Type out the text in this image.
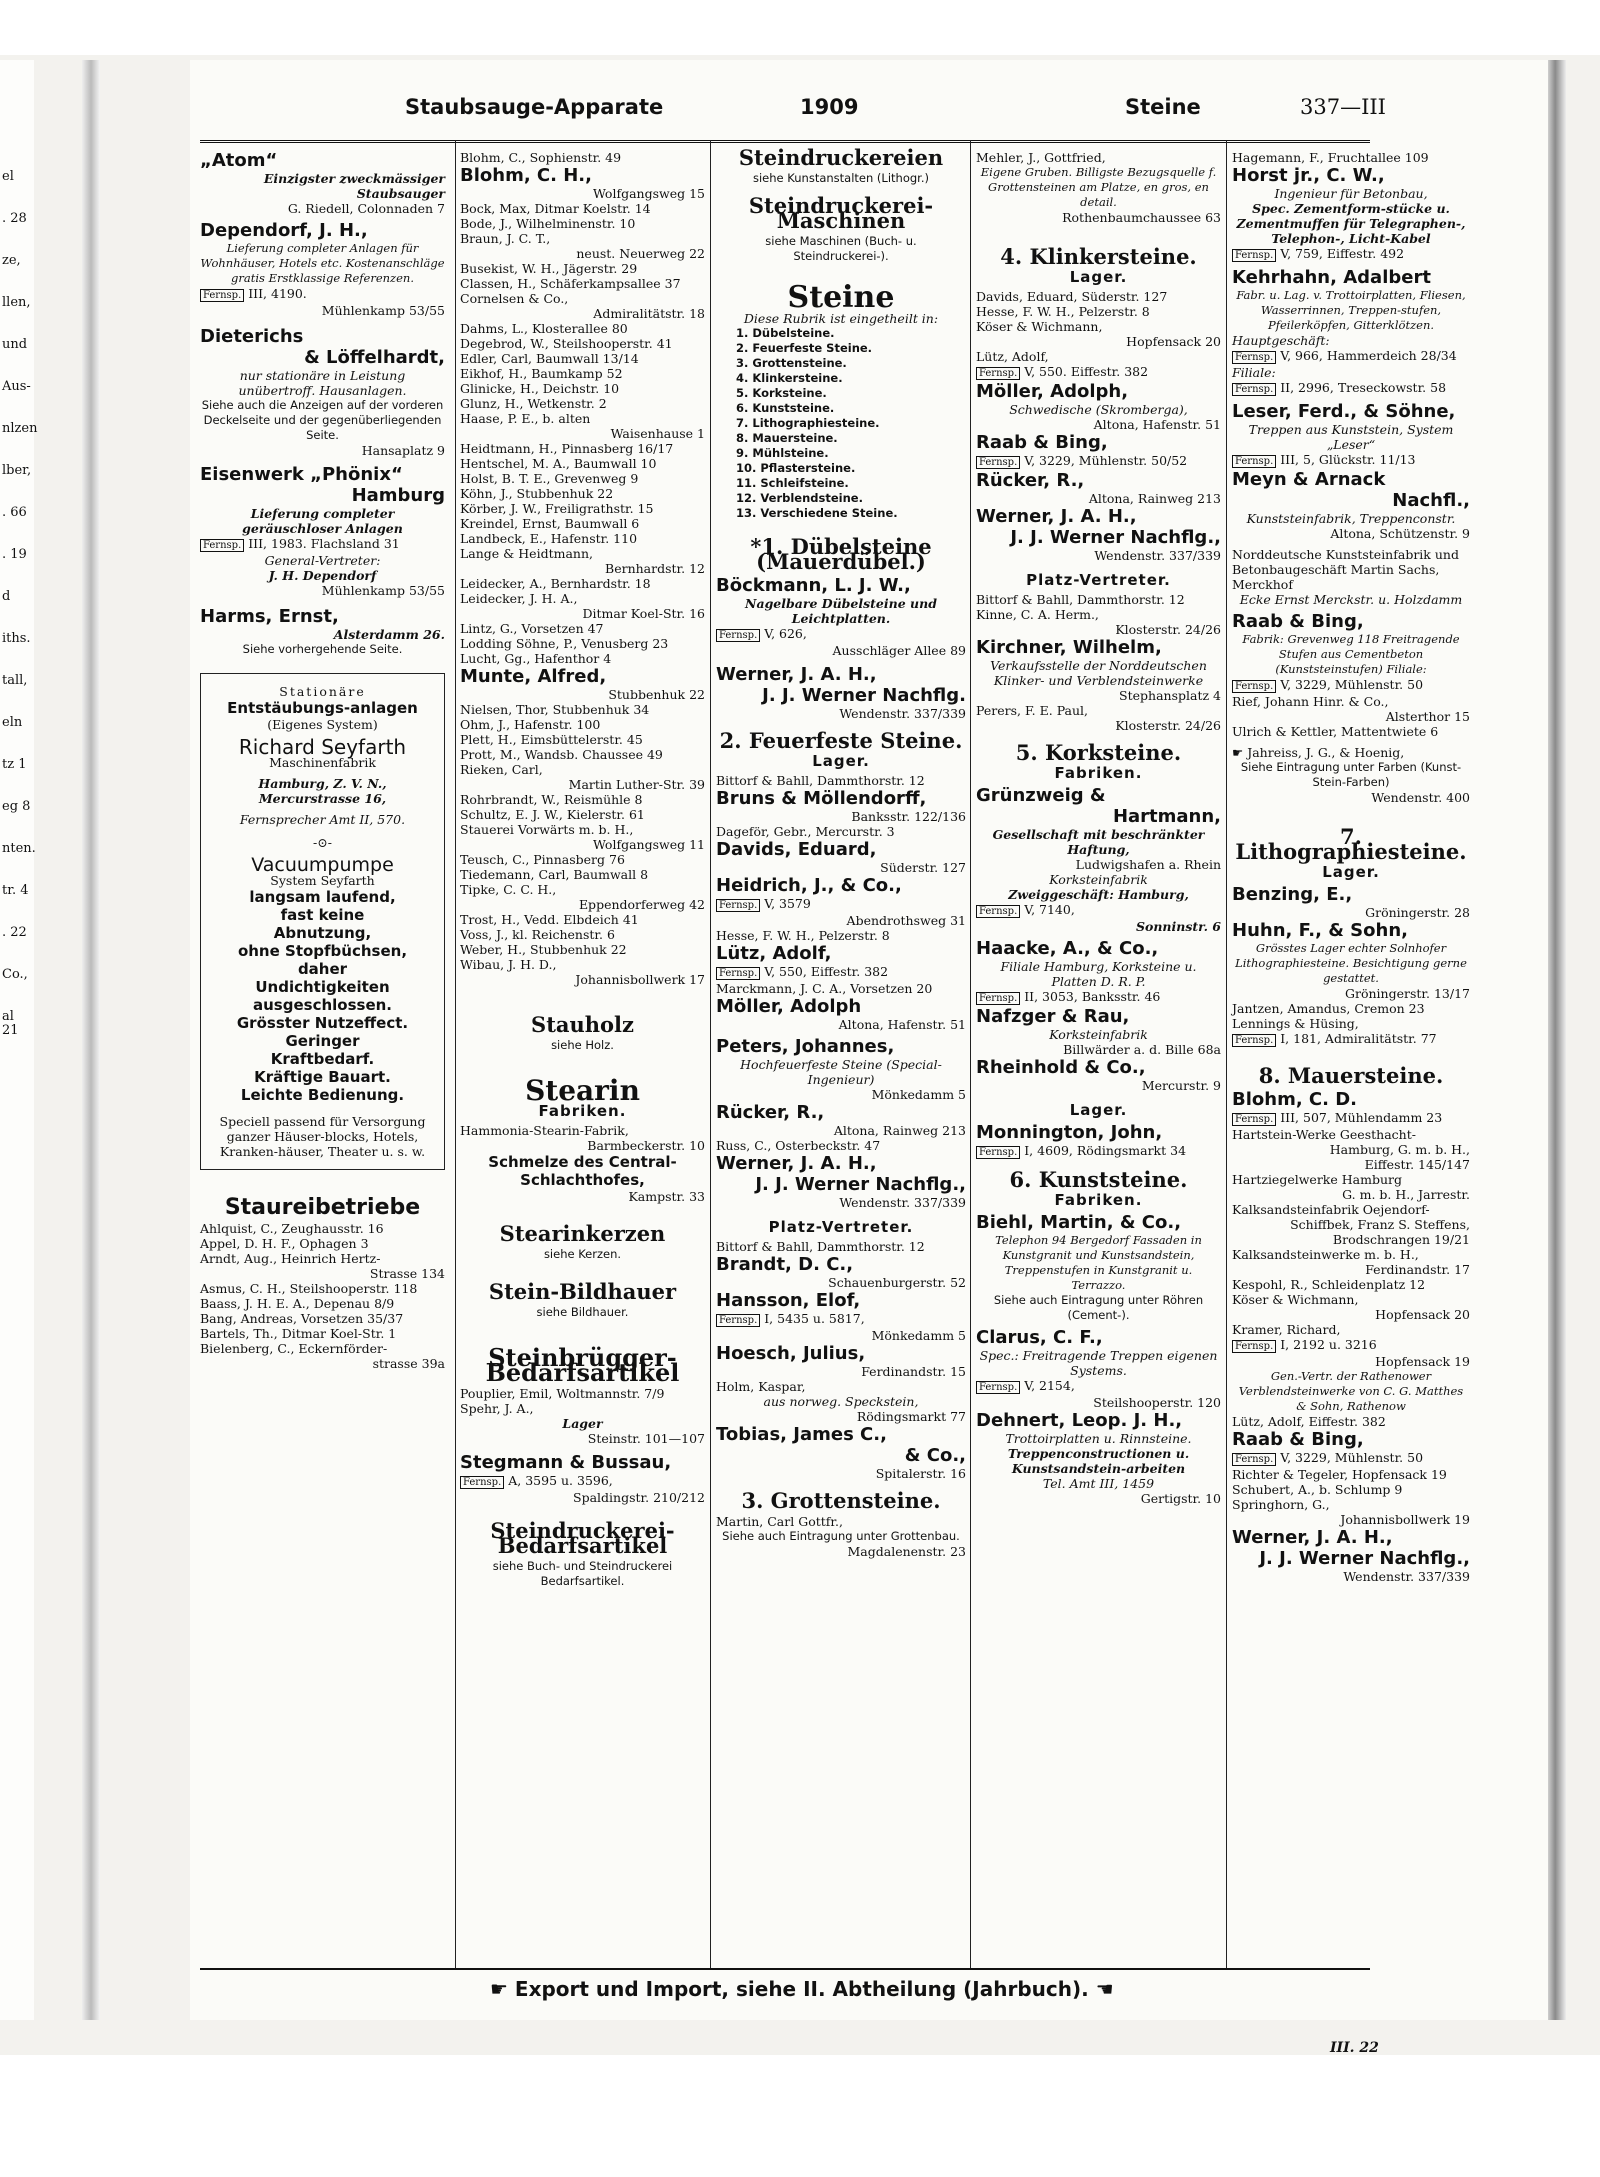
el
. 28
ze,
llen,
und
Aus-
nlzen
lber,
. 66
. 19
d
iths.
tall,
eln
tz 1
eg 8
nten.
tr. 4
. 22
Co.,
al 21
Staubsauge-Apparate	1909	Steine	337—III
„Atom“
Einzigster zweckmässiger Staubsauger
G. Riedell, Colonnaden 7
Dependorf, J. H.,
Lieferung completer Anlagen für Wohnhäuser, Hotels etc. Kostenanschläge gratis Erstklassige Referenzen.
Fernsp. III, 4190.
Mühlenkamp 53/55
Dieterichs
& Löffelhardt,
nur stationäre in Leistung unübertroff. Hausanlagen.
Siehe auch die Anzeigen auf der vorderen Deckelseite und der gegenüberliegenden Seite.
Hansaplatz 9
Eisenwerk „Phönix“
Hamburg
Lieferung completer geräuschloser Anlagen
Fernsp. III, 1983. Flachsland 31
General-Vertreter:
J. H. Dependorf
Mühlenkamp 53/55
Harms, Ernst,
Alsterdamm 26.
Siehe vorhergehende Seite.
Stationäre
Entstäubungs-anlagen
(Eigenes System)
Richard Seyfarth
Maschinenfabrik
Hamburg, Z. V. N.,
Mercurstrasse 16,
Fernsprecher Amt II, 570.
-⊙-
Vacuumpumpe
System Seyfarth
langsam laufend,
fast keine
Abnutzung,
ohne Stopfbüchsen,
daher
Undichtigkeiten
ausgeschlossen.
Grösster Nutzeffect.
Geringer
Kraftbedarf.
Kräftige Bauart.
Leichte Bedienung.
Speciell passend für Versorgung ganzer Häuser-blocks, Hotels, Kranken-häuser, Theater u. s. w.
Staureibetriebe
Ahlquist, C., Zeughausstr. 16
Appel, D. H. F., Ophagen 3
Arndt, Aug., Heinrich Hertz-
Strasse 134
Asmus, C. H., Steilshooperstr. 118
Baass, J. H. E. A., Depenau 8/9
Bang, Andreas, Vorsetzen 35/37
Bartels, Th., Ditmar Koel-Str. 1
Bielenberg, C., Eckernförder-
strasse 39a
Blohm, C., Sophienstr. 49
Blohm, C. H.,
Wolfgangsweg 15
Bock, Max, Ditmar Koelstr. 14
Bode, J., Wilhelminenstr. 10
Braun, J. C. T.,
neust. Neuerweg 22
Busekist, W. H., Jägerstr. 29
Classen, H., Schäferkampsallee 37
Cornelsen & Co.,
Admiralitätstr. 18
Dahms, L., Klosterallee 80
Degebrod, W., Steilshooperstr. 41
Edler, Carl, Baumwall 13/14
Eikhof, H., Baumkamp 52
Glinicke, H., Deichstr. 10
Glunz, H., Wetkenstr. 2
Haase, P. E., b. alten
Waisenhause 1
Heidtmann, H., Pinnasberg 16/17
Hentschel, M. A., Baumwall 10
Holst, B. T. E., Grevenweg 9
Köhn, J., Stubbenhuk 22
Körber, J. W., Freiligrathstr. 15
Kreindel, Ernst, Baumwall 6
Landbeck, E., Hafenstr. 110
Lange & Heidtmann,
Bernhardstr. 12
Leidecker, A., Bernhardstr. 18
Leidecker, J. H. A.,
Ditmar Koel-Str. 16
Lintz, G., Vorsetzen 47
Lodding Söhne, P., Venusberg 23
Lucht, Gg., Hafenthor 4
Munte, Alfred,
Stubbenhuk 22
Nielsen, Thor, Stubbenhuk 34
Ohm, J., Hafenstr. 100
Plett, H., Eimsbüttelerstr. 45
Prott, M., Wandsb. Chaussee 49
Rieken, Carl,
Martin Luther-Str. 39
Rohrbrandt, W., Reismühle 8
Schultz, E. J. W., Kielerstr. 61
Stauerei Vorwärts m. b. H.,
Wolfgangsweg 11
Teusch, C., Pinnasberg 76
Tiedemann, Carl, Baumwall 8
Tipke, C. C. H.,
Eppendorferweg 42
Trost, H., Vedd. Elbdeich 41
Voss, J., kl. Reichenstr. 6
Weber, H., Stubbenhuk 22
Wibau, J. H. D.,
Johannisbollwerk 17
Stauholz
siehe Holz.
Stearin
Fabriken.
Hammonia-Stearin-Fabrik,
Barmbeckerstr. 10
Schmelze des Central-Schlachthofes,
Kampstr. 33
Stearinkerzen
siehe Kerzen.
Stein-Bildhauer
siehe Bildhauer.
Steinbrügger-Bedarfsartikel
Pouplier, Emil, Woltmannstr. 7/9
Spehr, J. A.,
Lager
Steinstr. 101—107
Stegmann & Bussau,
Fernsp. A, 3595 u. 3596,
Spaldingstr. 210/212
Steindruckerei-Bedarfsartikel
siehe Buch- und Steindruckerei Bedarfsartikel.
Steindruckereien
siehe Kunstanstalten (Lithogr.)
Steindruckerei-Maschinen
siehe Maschinen (Buch- u. Steindruckerei-).
Steine
Diese Rubrik ist eingetheilt in:
1. Dübelsteine.
2. Feuerfeste Steine.
3. Grottensteine.
4. Klinkersteine.
5. Korksteine.
6. Kunststeine.
7. Lithographiesteine.
8. Mauersteine.
9. Mühlsteine.
10. Pflastersteine.
11. Schleifsteine.
12. Verblendsteine.
13. Verschiedene Steine.
*1. Dübelsteine (Mauerdübel.)
Böckmann, L. J. W.,
Nagelbare Dübelsteine und Leichtplatten.
Fernsp. V, 626,
Ausschläger Allee 89
Werner, J. A. H.,
J. J. Werner Nachflg.
Wendenstr. 337/339
2. Feuerfeste Steine.
Lager.
Bittorf & Bahll, Dammthorstr. 12
Bruns & Möllendorff,
Banksstr. 122/136
Dageför, Gebr., Mercurstr. 3
Davids, Eduard,
Süderstr. 127
Heidrich, J., & Co.,
Fernsp. V, 3579
Abendrothsweg 31
Hesse, F. W. H., Pelzerstr. 8
Lütz, Adolf,
Fernsp. V, 550, Eiffestr. 382
Marckmann, J. C. A., Vorsetzen 20
Möller, Adolph
Altona, Hafenstr. 51
Peters, Johannes,
Hochfeuerfeste Steine (Special-Ingenieur)
Mönkedamm 5
Rücker, R.,
Altona, Rainweg 213
Russ, C., Osterbeckstr. 47
Werner, J. A. H.,
J. J. Werner Nachflg.,
Wendenstr. 337/339
Platz-Vertreter.
Bittorf & Bahll, Dammthorstr. 12
Brandt, D. C.,
Schauenburgerstr. 52
Hansson, Elof,
Fernsp. I, 5435 u. 5817,
Mönkedamm 5
Hoesch, Julius,
Ferdinandstr. 15
Holm, Kaspar,
aus norweg. Speckstein,
Rödingsmarkt 77
Tobias, James C.,
& Co.,
Spitalerstr. 16
3. Grottensteine.
Martin, Carl Gottfr.,
Siehe auch Eintragung unter Grottenbau.
Magdalenenstr. 23
Mehler, J., Gottfried,
Eigene Gruben. Billigste Bezugsquelle f. Grottensteinen am Platze, en gros, en detail.
Rothenbaumchaussee 63
4. Klinkersteine.
Lager.
Davids, Eduard, Süderstr. 127
Hesse, F. W. H., Pelzerstr. 8
Köser & Wichmann,
Hopfensack 20
Lütz, Adolf,
Fernsp. V, 550. Eiffestr. 382
Möller, Adolph,
Schwedische (Skromberga),
Altona, Hafenstr. 51
Raab & Bing,
Fernsp. V, 3229, Mühlenstr. 50/52
Rücker, R.,
Altona, Rainweg 213
Werner, J. A. H.,
J. J. Werner Nachflg.,
Wendenstr. 337/339
Platz-Vertreter.
Bittorf & Bahll, Dammthorstr. 12
Kinne, C. A. Herm.,
Klosterstr. 24/26
Kirchner, Wilhelm,
Verkaufsstelle der Norddeutschen Klinker- und Verblendsteinwerke
Stephansplatz 4
Perers, F. E. Paul,
Klosterstr. 24/26
5. Korksteine.
Fabriken.
Grünzweig &
Hartmann,
Gesellschaft mit beschränkter Haftung,
Ludwigshafen a. Rhein
Korksteinfabrik
Zweiggeschäft: Hamburg,
Fernsp. V, 7140,
Sonninstr. 6
Haacke, A., & Co.,
Filiale Hamburg, Korksteine u. Platten D. R. P.
Fernsp. II, 3053, Banksstr. 46
Nafzger & Rau,
Korksteinfabrik
Billwärder a. d. Bille 68a
Rheinhold & Co.,
Mercurstr. 9
Lager.
Monnington, John,
Fernsp. I, 4609, Rödingsmarkt 34
6. Kunststeine.
Fabriken.
Biehl, Martin, & Co.,
Telephon 94 Bergedorf Fassaden in Kunstgranit und Kunstsandstein, Treppenstufen in Kunstgranit u. Terrazzo.
Siehe auch Eintragung unter Röhren (Cement-).
Clarus, C. F.,
Spec.: Freitragende Treppen eigenen Systems.
Fernsp. V, 2154,
Steilshooperstr. 120
Dehnert, Leop. J. H.,
Trottoirplatten u. Rinnsteine.
Treppenconstructionen u. Kunstsandstein-arbeiten
Tel. Amt III, 1459
Gertigstr. 10
Hagemann, F., Fruchtallee 109
Horst jr., C. W.,
Ingenieur für Betonbau,
Spec. Zementform-stücke u. Zementmuffen für Telegraphen-, Telephon-, Licht-Kabel
Fernsp. V, 759, Eiffestr. 492
Kehrhahn, Adalbert
Fabr. u. Lag. v. Trottoirplatten, Fliesen, Wasserrinnen, Treppen-stufen, Pfeilerköpfen, Gitterklötzen.
Hauptgeschäft:
Fernsp. V, 966, Hammerdeich 28/34
Filiale:
Fernsp. II, 2996, Treseckowstr. 58
Leser, Ferd., & Söhne,
Treppen aus Kunststein, System „Leser“
Fernsp. III, 5, Glückstr. 11/13
Meyn & Arnack
Nachfl.,
Kunststeinfabrik, Treppenconstr.
Altona, Schützenstr. 9
Norddeutsche Kunststeinfabrik und Betonbaugeschäft Martin Sachs, Merckhof
Ecke Ernst Merckstr. u. Holzdamm
Raab & Bing,
Fabrik: Grevenweg 118 Freitragende Stufen aus Cementbeton (Kunststeinstufen) Filiale:
Fernsp. V, 3229, Mühlenstr. 50
Rief, Johann Hinr. & Co.,
Alsterthor 15
Ulrich & Kettler, Mattentwiete 6
☛ Jahreiss, J. G., & Hoenig,
Siehe Eintragung unter Farben (Kunst-Stein-Farben)
Wendenstr. 400
7. Lithographiesteine.
Lager.
Benzing, E.,
Gröningerstr. 28
Huhn, F., & Sohn,
Grösstes Lager echter Solnhofer Lithographiesteine. Besichtigung gerne gestattet.
Gröningerstr. 13/17
Jantzen, Amandus, Cremon 23
Lennings & Hüsing,
Fernsp. I, 181, Admiralitätstr. 77
8. Mauersteine.
Blohm, C. D.
Fernsp. III, 507, Mühlendamm 23
Hartstein-Werke Geesthacht-
Hamburg, G. m. b. H.,
Eiffestr. 145/147
Hartziegelwerke Hamburg
G. m. b. H., Jarrestr.
Kalksandsteinfabrik Oejendorf-
Schiffbek, Franz S. Steffens,
Brodschrangen 19/21
Kalksandsteinwerke m. b. H.,
Ferdinandstr. 17
Kespohl, R., Schleidenplatz 12
Köser & Wichmann,
Hopfensack 20
Kramer, Richard,
Fernsp. I, 2192 u. 3216
Hopfensack 19
Gen.-Vertr. der Rathenower Verblendsteinwerke von C. G. Matthes & Sohn, Rathenow
Lütz, Adolf, Eiffestr. 382
Raab & Bing,
Fernsp. V, 3229, Mühlenstr. 50
Richter & Tegeler, Hopfensack 19
Schubert, A., b. Schlump 9
Springhorn, G.,
Johannisbollwerk 19
Werner, J. A. H.,
J. J. Werner Nachflg.,
Wendenstr. 337/339
☛ Export und Import, siehe II. Abtheilung (Jahrbuch). ☚
III. 22
